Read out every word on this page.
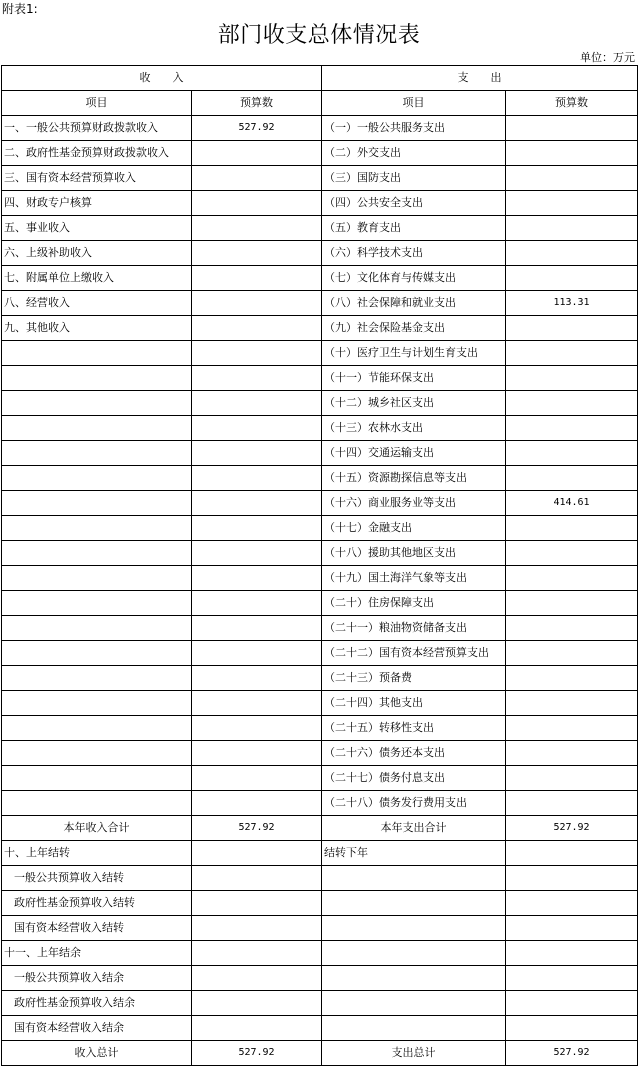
附表1:
部门收支总体情况表
单位：万元
收　　入		支　　出	
项目	预算数	项目	预算数
一、一般公共预算财政拨款收入	527.92	（一）一般公共服务支出	
二、政府性基金预算财政拨款收入		（二）外交支出	
三、国有资本经营预算收入		（三）国防支出	
四、财政专户核算		（四）公共安全支出	
五、事业收入		（五）教育支出	
六、上级补助收入		（六）科学技术支出	
七、附属单位上缴收入		（七）文化体育与传媒支出	
八、经营收入		（八）社会保障和就业支出	113.31
九、其他收入		（九）社会保险基金支出	
		（十）医疗卫生与计划生育支出	
		（十一）节能环保支出	
		（十二）城乡社区支出	
		（十三）农林水支出	
		（十四）交通运输支出	
		（十五）资源勘探信息等支出	
		（十六）商业服务业等支出	414.61
		（十七）金融支出	
		（十八）援助其他地区支出	
		（十九）国土海洋气象等支出	
		（二十）住房保障支出	
		（二十一）粮油物资储备支出	
		（二十二）国有资本经营预算支出	
		（二十三）预备费	
		（二十四）其他支出	
		（二十五）转移性支出	
		（二十六）债务还本支出	
		（二十七）债务付息支出	
		（二十八）债务发行费用支出	
本年收入合计	527.92	本年支出合计	527.92
十、上年结转		结转下年	
一般公共预算收入结转			
政府性基金预算收入结转			
国有资本经营收入结转			
十一、上年结余			
一般公共预算收入结余			
政府性基金预算收入结余			
国有资本经营收入结余			
收入总计	527.92	支出总计	527.92
